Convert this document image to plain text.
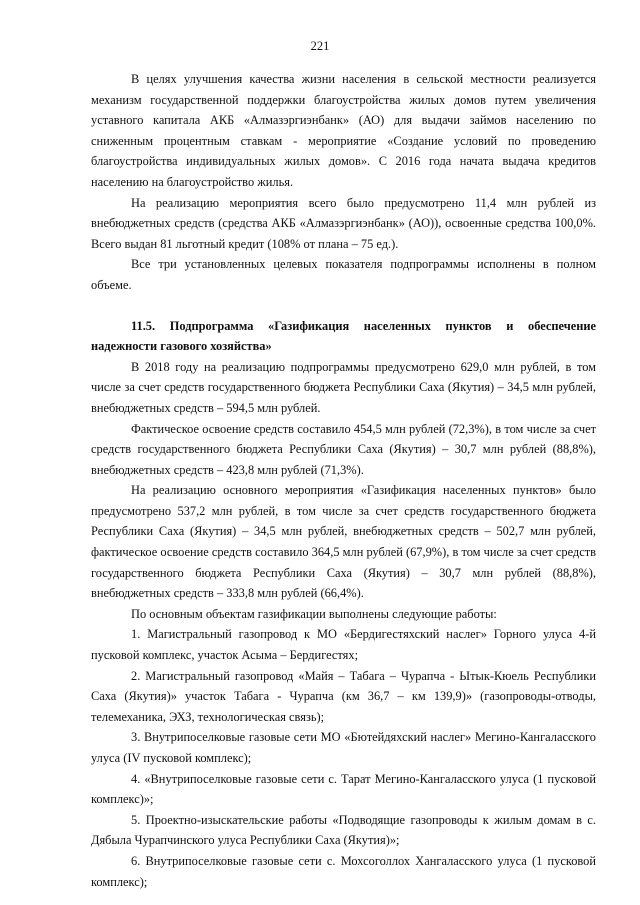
221

В целях улучшения качества жизни населения в сельской местности реализуется механизм государственной поддержки благоустройства жилых домов путем увеличения уставного капитала АКБ «Алмазэргиэнбанк» (АО) для выдачи займов населению по сниженным процентным ставкам - мероприятие «Создание условий по проведению благоустройства индивидуальных жилых домов». С 2016 года начата выдача кредитов населению на благоустройство жилья.

На реализацию мероприятия всего было предусмотрено 11,4 млн рублей из внебюджетных средств (средства АКБ «Алмазэргиэнбанк» (АО)), освоенные средства 100,0%. Всего выдан 81 льготный кредит (108% от плана – 75 ед.).

Все три установленных целевых показателя подпрограммы исполнены в полном объеме.

11.5. Подпрограмма «Газификация населенных пунктов и обеспечение надежности газового хозяйства»

В 2018 году на реализацию подпрограммы предусмотрено 629,0 млн рублей, в том числе за счет средств государственного бюджета Республики Саха (Якутия) – 34,5 млн рублей, внебюджетных средств – 594,5 млн рублей.

Фактическое освоение средств составило 454,5 млн рублей (72,3%), в том числе за счет средств государственного бюджета Республики Саха (Якутия) – 30,7 млн рублей (88,8%), внебюджетных средств – 423,8 млн рублей (71,3%).

На реализацию основного мероприятия «Газификация населенных пунктов» было предусмотрено 537,2 млн рублей, в том числе за счет средств государственного бюджета Республики Саха (Якутия) – 34,5 млн рублей, внебюджетных средств – 502,7 млн рублей, фактическое освоение средств составило 364,5 млн рублей (67,9%), в том числе за счет средств государственного бюджета Республики Саха (Якутия) – 30,7 млн рублей (88,8%), внебюджетных средств – 333,8 млн рублей (66,4%).

По основным объектам газификации выполнены следующие работы:

1. Магистральный газопровод к МО «Бердигестяхский наслег» Горного улуса 4-й пусковой комплекс, участок Асыма – Бердигестях;

2. Магистральный газопровод «Майя – Табага – Чурапча - Ытык-Кюель Республики Саха (Якутия)» участок Табага - Чурапча (км 36,7 – км 139,9)» (газопроводы-отводы, телемеханика, ЭХЗ, технологическая связь);

3. Внутрипоселковые газовые сети МО «Бютейдяхский наслег» Мегино-Кангаласского улуса (IV пусковой комплекс);

4. «Внутрипоселковые газовые сети с. Тарат Мегино-Кангаласского улуса (1 пусковой комплекс)»;

5. Проектно-изыскательские работы «Подводящие газопроводы к жилым домам в с. Дябыла Чурапчинского улуса Республики Саха (Якутия)»;

6. Внутрипоселковые газовые сети с. Мохсоголлох Хангаласского улуса (1 пусковой комплекс);
